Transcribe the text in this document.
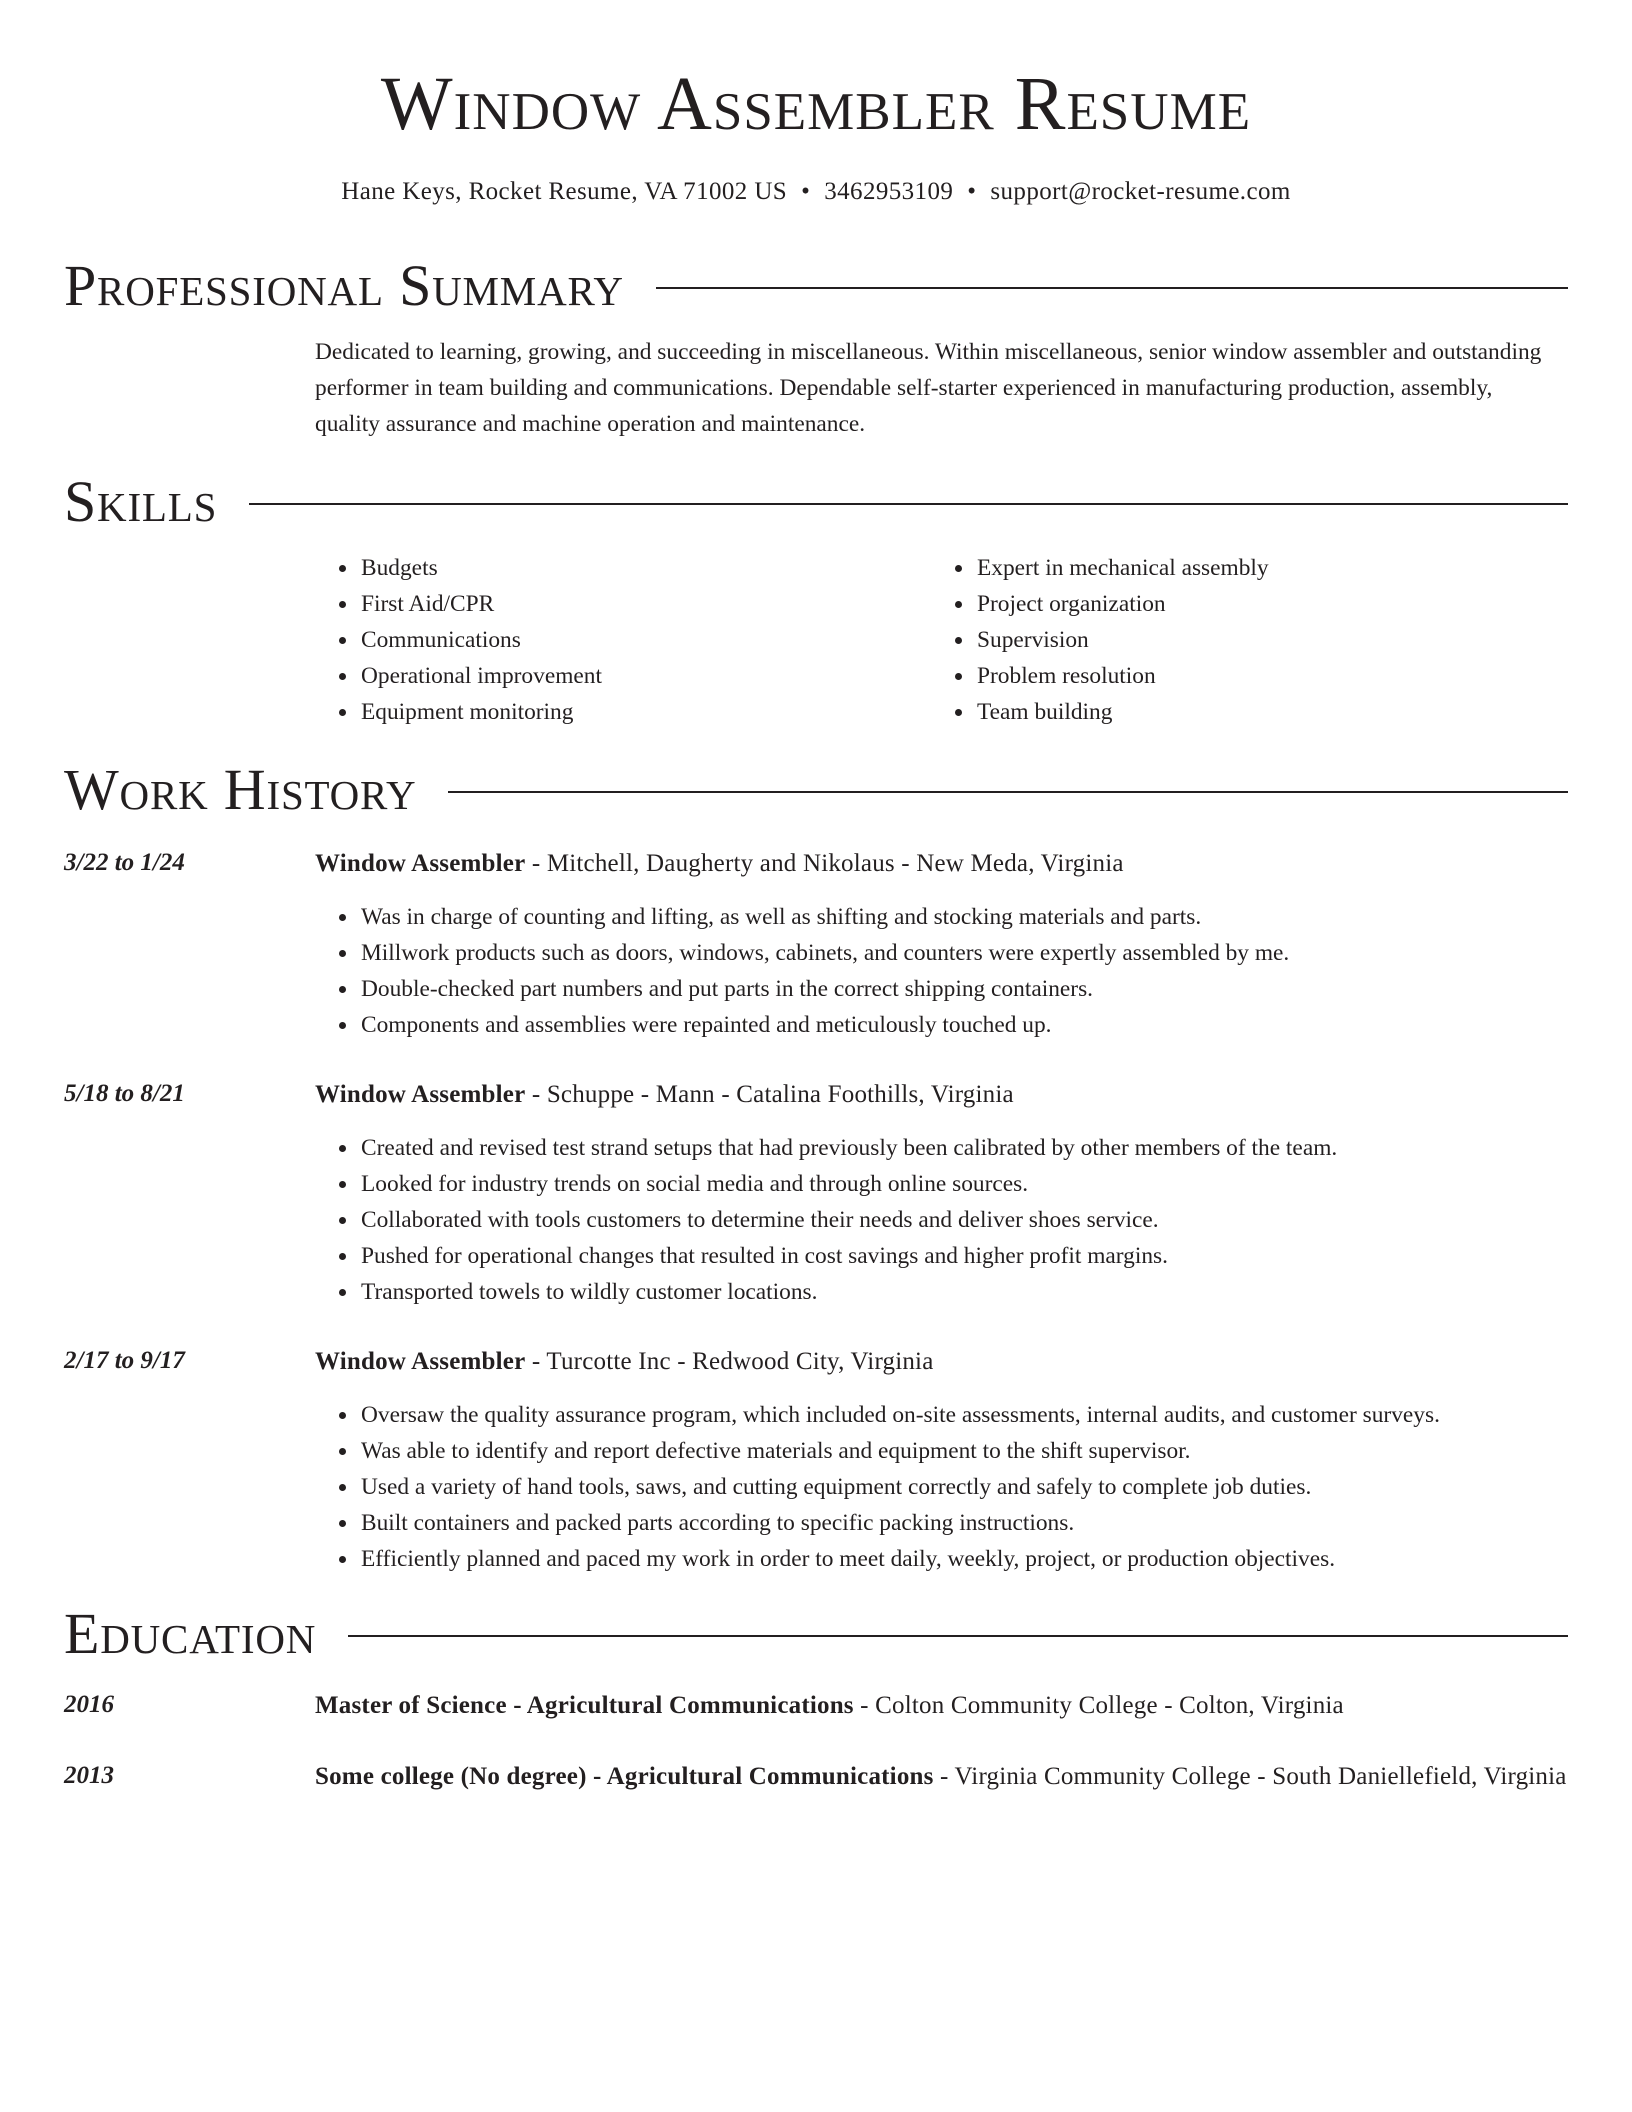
Window Assembler Resume
Hane Keys, Rocket Resume, VA 71002 US • 3462953109 • support@rocket-resume.com
Professional Summary

Dedicated to learning, growing, and succeeding in miscellaneous. Within miscellaneous, senior window assembler and outstanding performer in team building and communications. Dependable self-starter experienced in manufacturing production, assembly, quality assurance and machine operation and maintenance.

Skills
• Budgets
• First Aid/CPR
• Communications
• Operational improvement
• Equipment monitoring
• Expert in mechanical assembly
• Project organization
• Supervision
• Problem resolution
• Team building
Work History
3/22 to 1/24	Window Assembler - Mitchell, Daugherty and Nikolaus - New Meda, Virginia
• Was in charge of counting and lifting, as well as shifting and stocking materials and parts.
• Millwork products such as doors, windows, cabinets, and counters were expertly assembled by me.
• Double-checked part numbers and put parts in the correct shipping containers.
• Components and assemblies were repainted and meticulously touched up.
5/18 to 8/21	Window Assembler - Schuppe - Mann - Catalina Foothills, Virginia
• Created and revised test strand setups that had previously been calibrated by other members of the team.
• Looked for industry trends on social media and through online sources.
• Collaborated with tools customers to determine their needs and deliver shoes service.
• Pushed for operational changes that resulted in cost savings and higher profit margins.
• Transported towels to wildly customer locations.
2/17 to 9/17	Window Assembler - Turcotte Inc - Redwood City, Virginia
• Oversaw the quality assurance program, which included on-site assessments, internal audits, and customer surveys.
• Was able to identify and report defective materials and equipment to the shift supervisor.
• Used a variety of hand tools, saws, and cutting equipment correctly and safely to complete job duties.
• Built containers and packed parts according to specific packing instructions.
• Efficiently planned and paced my work in order to meet daily, weekly, project, or production objectives.
Education
2016	Master of Science - Agricultural Communications - Colton Community College - Colton, Virginia
2013	Some college (No degree) - Agricultural Communications - Virginia Community College - South Daniellefield, Virginia
